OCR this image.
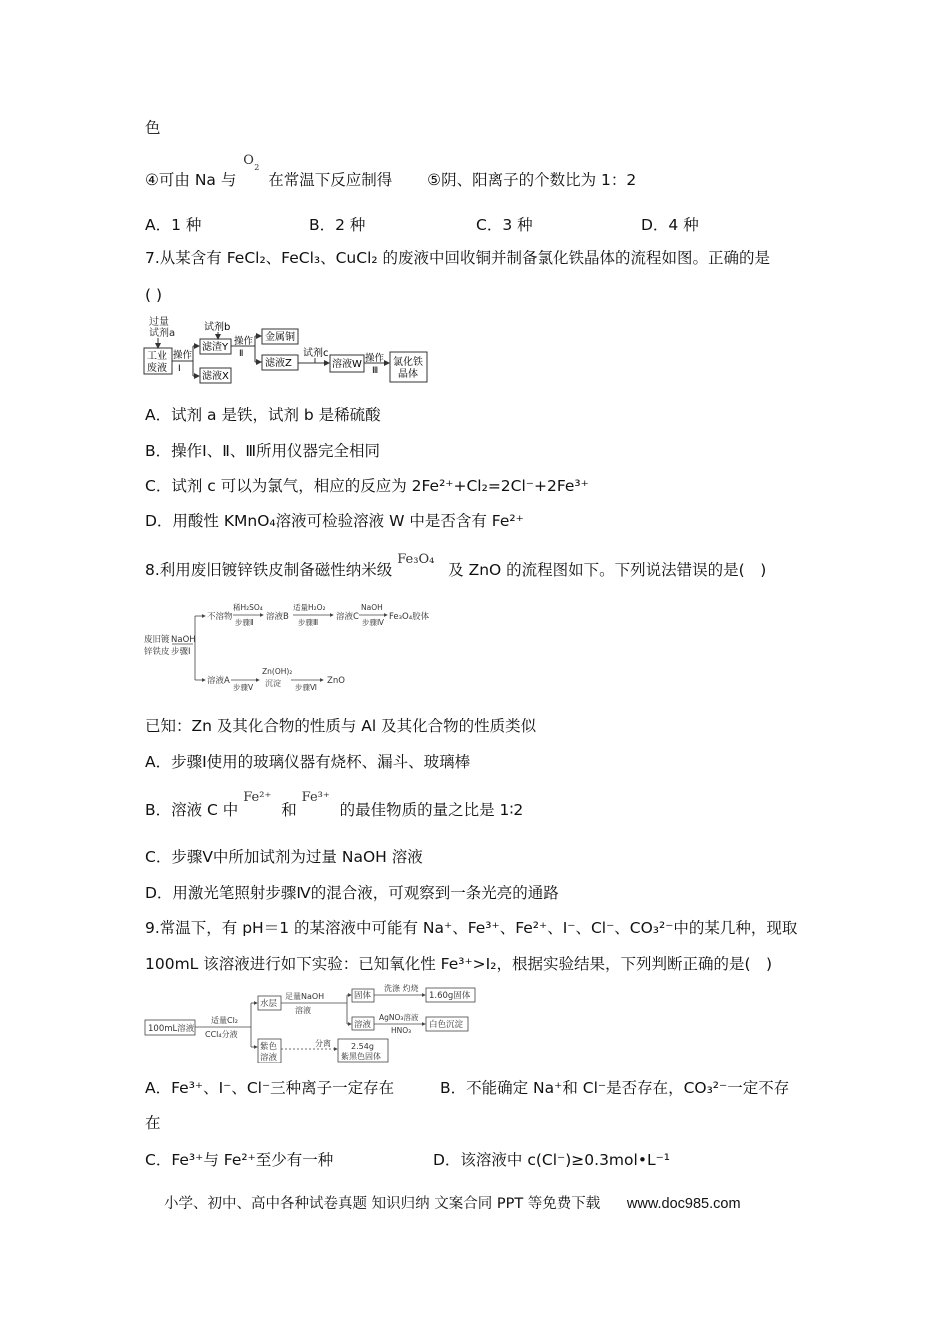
色
④可由 Na 与
O 2
在常温下反应制得 ⑤阴、阳离子的个数比为 1：2
A．1 种	B．2 种	C．3 种	D．4 种
7.从某含有 FeCl₂、FeCl₃、CuCl₂ 的废液中回收铜并制备氯化铁晶体的流程如图。正确的是
( )
过量
试剂a
工业
废液
操作
Ⅰ
试剂b
滤渣Y
滤液X
操作
Ⅱ
金属铜
滤液Z
试剂c
溶液W
操作
Ⅲ
氯化铁
晶体
A．试剂 a 是铁，试剂 b 是稀硫酸
B．操作Ⅰ、Ⅱ、Ⅲ所用仪器完全相同
C．试剂 c 可以为氯气，相应的反应为 2Fe²⁺+Cl₂=2Cl⁻+2Fe³⁺
D．用酸性 KMnO₄溶液可检验溶液 W 中是否含有 Fe²⁺
8.利用废旧镀锌铁皮制备磁性纳米级 Fe₃O₄ 及 ZnO 的流程图如下。下列说法错误的是(　)
废旧镀
锌铁皮
NaOH
步骤Ⅰ
不溶物
稀H₂SO₄
步骤Ⅱ
溶液B
适量H₂O₂
步骤Ⅲ
溶液C
NaOH
步骤Ⅳ
Fe₃O₄胶体
溶液A
步骤Ⅴ
Zn(OH)₂
沉淀 步骤Ⅵ
ZnO
已知：Zn 及其化合物的性质与 Al 及其化合物的性质类似
A．步骤Ⅰ使用的玻璃仪器有烧杯、漏斗、玻璃棒
B．溶液 C 中 Fe²⁺ 和 Fe³⁺ 的最佳物质的量之比是 1∶2
C．步骤Ⅴ中所加试剂为过量 NaOH 溶液
D．用激光笔照射步骤Ⅳ的混合液，可观察到一条光亮的通路
9.常温下，有 pH＝1 的某溶液中可能有 Na⁺、Fe³⁺、Fe²⁺、I⁻、Cl⁻、CO₃²⁻中的某几种，现取
100mL 该溶液进行如下实验：已知氧化性 Fe³⁺>I₂，根据实验结果，下列判断正确的是(　)
100mL溶液
适量Cl₂
CCl₄分液
水层
足量NaOH
溶液
固体
洗涤 灼烧
1.60g固体
溶液
AgNO₃溶液
HNO₃
白色沉淀
紫色
溶液
分离	2.54g
紫黑色固体
A．Fe³⁺、I⁻、Cl⁻三种离子一定存在	B．不能确定 Na⁺和 Cl⁻是否存在，CO₃²⁻一定不存
在
C．Fe³⁺与 Fe²⁺至少有一种	D．该溶液中 c(Cl⁻)≥0.3mol•L⁻¹
小学、初中、高中各种试卷真题 知识归纳 文案合同 PPT 等免费下载 www.doc985.com
